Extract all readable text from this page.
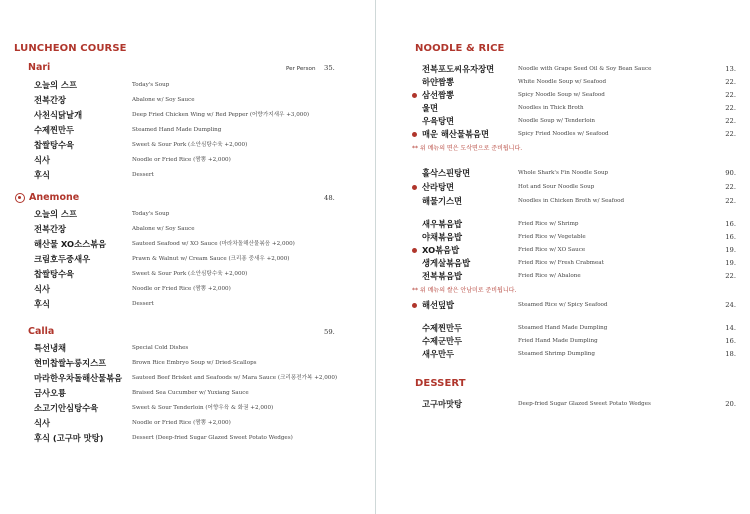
LUNCHEON COURSE
Nari	Per Person 35.
오늘의 스프	Today's Soup
전복간장	Abalone w/ Soy Sauce
사천식닭날개	Deep Fried Chicken Wing w/ Red Pepper (어향가지새우 +3,000)
수제찐만두	Steamed Hand Made Dumpling
찹쌀탕수육	Sweet & Sour Pork (소안심탕수육 +2,000)
식사	Noodle or Fried Rice (짬뽕 +2,000)
후식	Dessert
Anemone	48.
오늘의 스프	Today's Soup
전복간장	Abalone w/ Soy Sauce
해산물 XO소스볶음	Sauteed Seafood w/ XO Sauce (마라차돌해산물볶음 +2,000)
크림호두중새우	Prawn & Walnut w/ Cream Sauce (크리퐁 중새우 +2,000)
찹쌀탕수육	Sweet & Sour Pork (소안심탕수육 +2,000)
식사	Noodle or Fried Rice (짬뽕 +2,000)
후식	Dessert
Calla	59.
특선냉채	Special Cold Dishes
현미찹쌀누룽지스프	Brown Rice Embryo Soup w/ Dried-Scallops
마라한우차돌해산물볶음 Sauteed Beef Brisket and Seafoods w/ Mara Sauce (크리퐁전가복 +2,000)
금사오룡	Braised Sea Cucumber w/ Yuxiang Sauce
소고기안심탕수육	Sweet & Sour Tenderloin (어향우육 & 화권 +2,000)
식사	Noodle or Fried Rice (짬뽕 +2,000)
후식 (고구마 맛탕)	Dessert (Deep-fried Sugar Glazed Sweet Potato Wedges)
NOODLE & RICE
전복포도씨유자장면	Noodle with Grape Seed Oil & Soy Bean Sauce	13.
하얀짬뽕	White Noodle Soup w/ Seafood	22.
삼선짬뽕	Spicy Noodle Soup w/ Seafood	22.
울면	Noodles in Thick Broth	22.
우육탕면	Noodle Soup w/ Tenderloin	22.
매운 해산물볶음면	Spicy Fried Noodles w/ Seafood	22.
** 위 메뉴의 면은 도삭면으로 준비됩니다.
홀삭스핀탕면	Whole Shark's Fin Noodle Soup	90.
산라탕면	Hot and Sour Noodle Soup	22.
해물기스면	Noodles in Chicken Broth w/ Seafood	22.
새우볶음밥	Fried Rice w/ Shrimp	16.
야채볶음밥	Fried Rice w/ Vegetable	16.
XO볶음밥	Fried Rice w/ XO Sauce	19.
생게살볶음밥	Fried Rice w/ Fresh Crabmeat	19.
전복볶음밥	Fried Rice w/ Abalone	22.
** 위 메뉴의 쌀은 안남미로 준비됩니다.
해선덮밥	Steamed Rice w/ Spicy Seafood	24.
수제찐만두	Steamed Hand Made Dumpling	14.
수제군만두	Fried Hand Made Dumpling	16.
새우만두	Steamed Shrimp Dumpling	18.
DESSERT
고구마맛탕	Deep-fried Sugar Glazed Sweet Potato Wedges	20.
